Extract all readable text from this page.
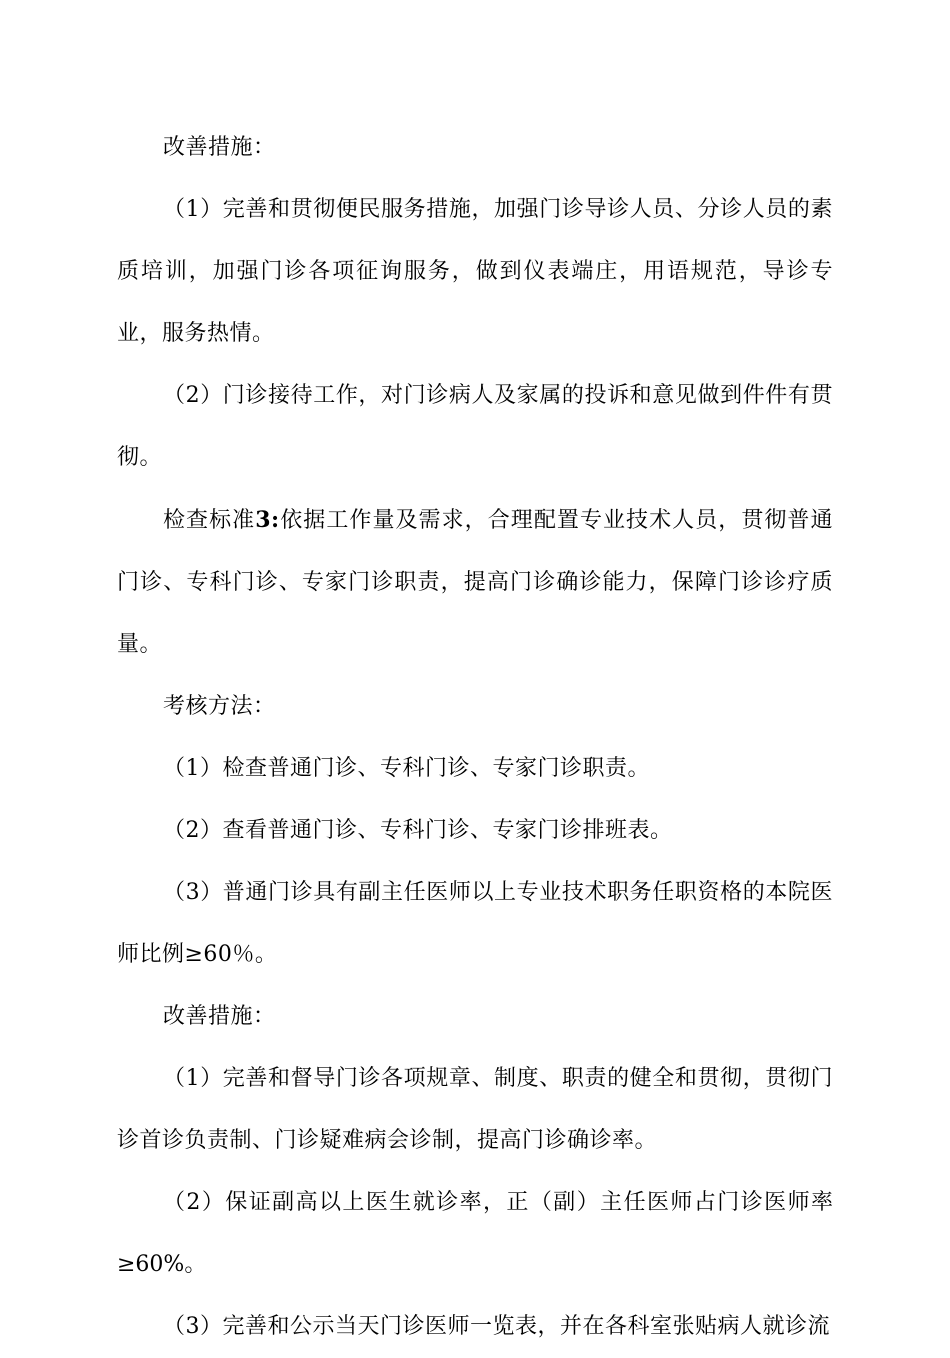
改善措施：

（1）完善和贯彻便民服务措施，加强门诊导诊人员、分诊人员的素质培训，加强门诊各项征询服务，做到仪表端庄，用语规范，导诊专业，服务热情。

（2）门诊接待工作，对门诊病人及家属的投诉和意见做到件件有贯彻。

检查标准3:依据工作量及需求，合理配置专业技术人员，贯彻普通门诊、专科门诊、专家门诊职责，提高门诊确诊能力，保障门诊诊疗质量。

考核方法：

（1）检查普通门诊、专科门诊、专家门诊职责。

（2）查看普通门诊、专科门诊、专家门诊排班表。

（3）普通门诊具有副主任医师以上专业技术职务任职资格的本院医师比例≥60％。

改善措施：

（1）完善和督导门诊各项规章、制度、职责的健全和贯彻，贯彻门诊首诊负责制、门诊疑难病会诊制，提高门诊确诊率。

（2）保证副高以上医生就诊率，正（副）主任医师占门诊医师率≥60%。

（3）完善和公示当天门诊医师一览表，并在各科室张贴病人就诊流
